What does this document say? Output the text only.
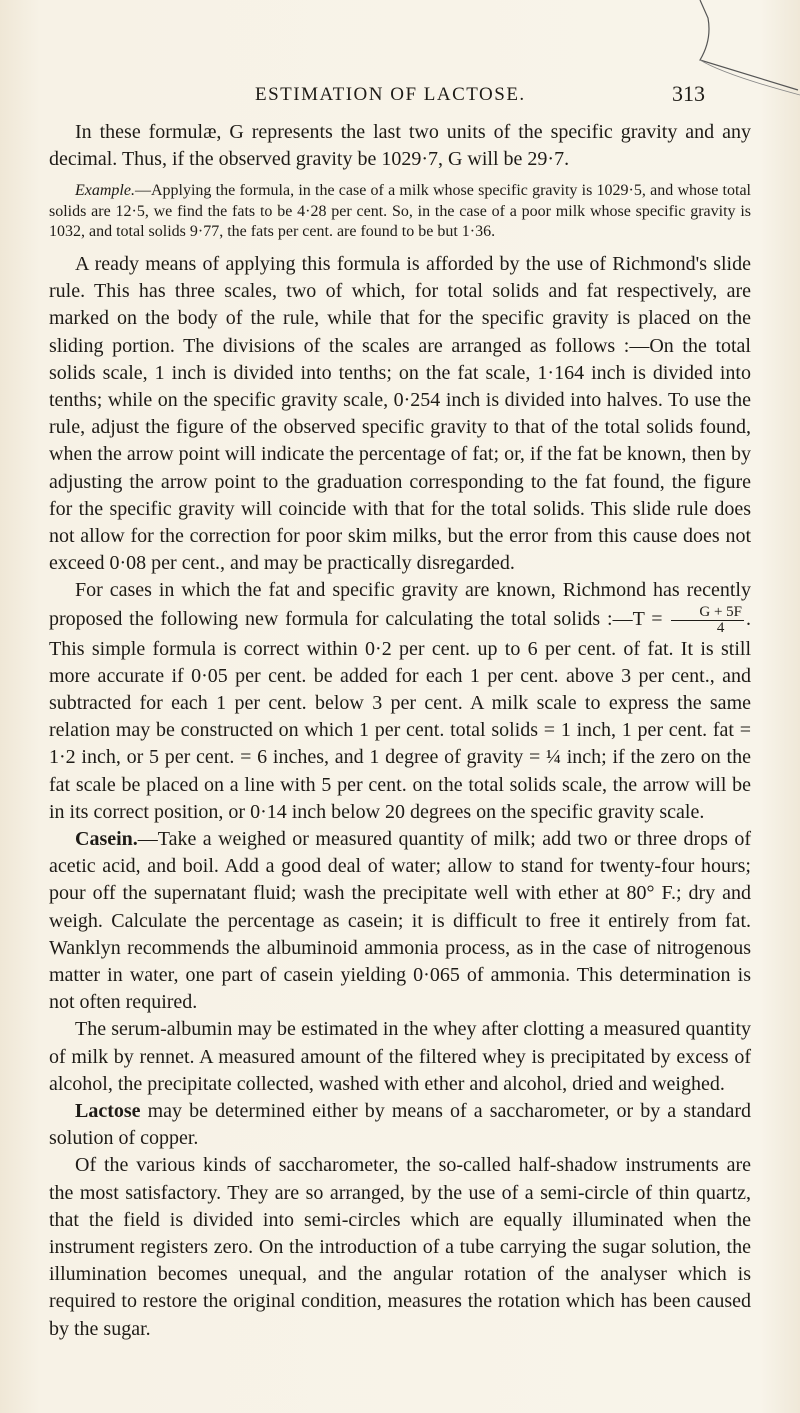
ESTIMATION OF LACTOSE.	313

In these formulæ, G represents the last two units of the specific gravity and any decimal. Thus, if the observed gravity be 1029·7, G will be 29·7.

Example.—Applying the formula, in the case of a milk whose specific gravity is 1029·5, and whose total solids are 12·5, we find the fats to be 4·28 per cent. So, in the case of a poor milk whose specific gravity is 1032, and total solids 9·77, the fats per cent. are found to be but 1·36.

A ready means of applying this formula is afforded by the use of Richmond's slide rule. This has three scales, two of which, for total solids and fat respectively, are marked on the body of the rule, while that for the specific gravity is placed on the sliding portion. The divisions of the scales are arranged as follows :—On the total solids scale, 1 inch is divided into tenths; on the fat scale, 1·164 inch is divided into tenths; while on the specific gravity scale, 0·254 inch is divided into halves. To use the rule, adjust the figure of the observed specific gravity to that of the total solids found, when the arrow point will indicate the percentage of fat; or, if the fat be known, then by adjusting the arrow point to the graduation corresponding to the fat found, the figure for the specific gravity will coincide with that for the total solids. This slide rule does not allow for the correction for poor skim milks, but the error from this cause does not exceed 0·08 per cent., and may be practically disregarded.

For cases in which the fat and specific gravity are known, Richmond has recently proposed the following new formula for calculating the total solids :—T = $\frac{G + 5F}{4}$ . This simple formula is correct within 0·2 per cent. up to 6 per cent. of fat. It is still more accurate if 0·05 per cent. be added for each 1 per cent. above 3 per cent., and subtracted for each 1 per cent. below 3 per cent. A milk scale to express the same relation may be constructed on which 1 per cent. total solids = 1 inch, 1 per cent. fat = 1·2 inch, or 5 per cent. = 6 inches, and 1 degree of gravity = ¼ inch; if the zero on the fat scale be placed on a line with 5 per cent. on the total solids scale, the arrow will be in its correct position, or 0·14 inch below 20 degrees on the specific gravity scale.

Casein.—Take a weighed or measured quantity of milk; add two or three drops of acetic acid, and boil. Add a good deal of water; allow to stand for twenty-four hours; pour off the supernatant fluid; wash the precipitate well with ether at 80° F.; dry and weigh. Calculate the percentage as casein; it is difficult to free it entirely from fat. Wanklyn recommends the albuminoid ammonia process, as in the case of nitrogenous matter in water, one part of casein yielding 0·065 of ammonia. This determination is not often required.

The serum-albumin may be estimated in the whey after clotting a measured quantity of milk by rennet. A measured amount of the filtered whey is precipitated by excess of alcohol, the precipitate collected, washed with ether and alcohol, dried and weighed.

Lactose may be determined either by means of a saccharometer, or by a standard solution of copper.

Of the various kinds of saccharometer, the so-called half-shadow instruments are the most satisfactory. They are so arranged, by the use of a semi-circle of thin quartz, that the field is divided into semi-circles which are equally illuminated when the instrument registers zero. On the introduction of a tube carrying the sugar solution, the illumination becomes unequal, and the angular rotation of the analyser which is required to restore the original condition, measures the rotation which has been caused by the sugar.
